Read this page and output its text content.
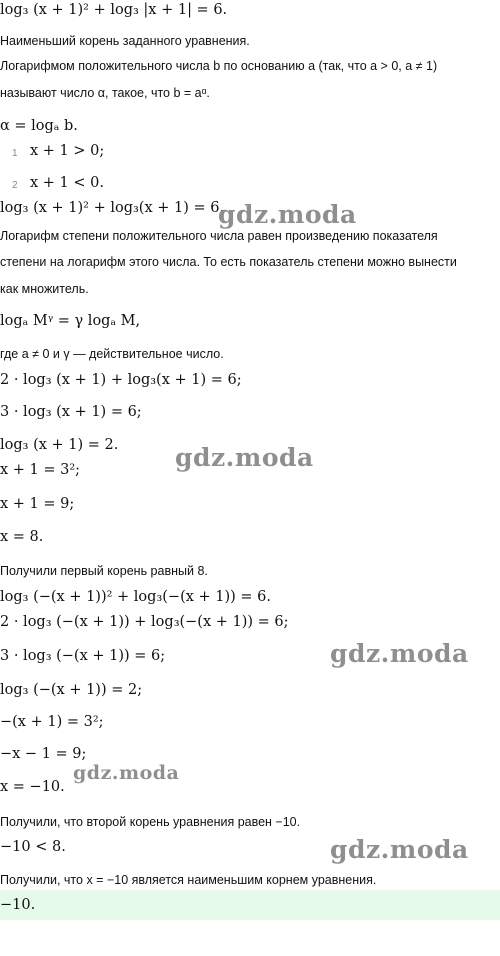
log₃ (x + 1)² + log₃ |x + 1| = 6.
Наименьший корень заданного уравнения.
Логарифмом положительного числа b по основанию a (так, что a > 0, a ≠ 1)
называют число α, такое, что b = aᵅ.
α = logₐ b.
1 x + 1 > 0;
2 x + 1 < 0.
log₃ (x + 1)² + log₃(x + 1) = 6.
Логарифм степени положительного числа равен произведению показателя
степени на логарифм этого числа. То есть показатель степени можно вынести
как множитель.
logₐ Mᵞ = γ logₐ M,
где a ≠ 0 и γ — действительное число.
2 · log₃ (x + 1) + log₃(x + 1) = 6;
3 · log₃ (x + 1) = 6;
log₃ (x + 1) = 2.
x + 1 = 3²;
x + 1 = 9;
x = 8.
Получили первый корень равный 8.
log₃ (−(x + 1))² + log₃(−(x + 1)) = 6.
2 · log₃ (−(x + 1)) + log₃(−(x + 1)) = 6;
3 · log₃ (−(x + 1)) = 6;
log₃ (−(x + 1)) = 2;
−(x + 1) = 3²;
−x − 1 = 9;
x = −10.
Получили, что второй корень уравнения равен −10.
−10 < 8.
Получили, что x = −10 является наименьшим корнем уравнения.
−10.
gdz.moda
gdz.moda
gdz.moda
gdz.moda
gdz.moda
